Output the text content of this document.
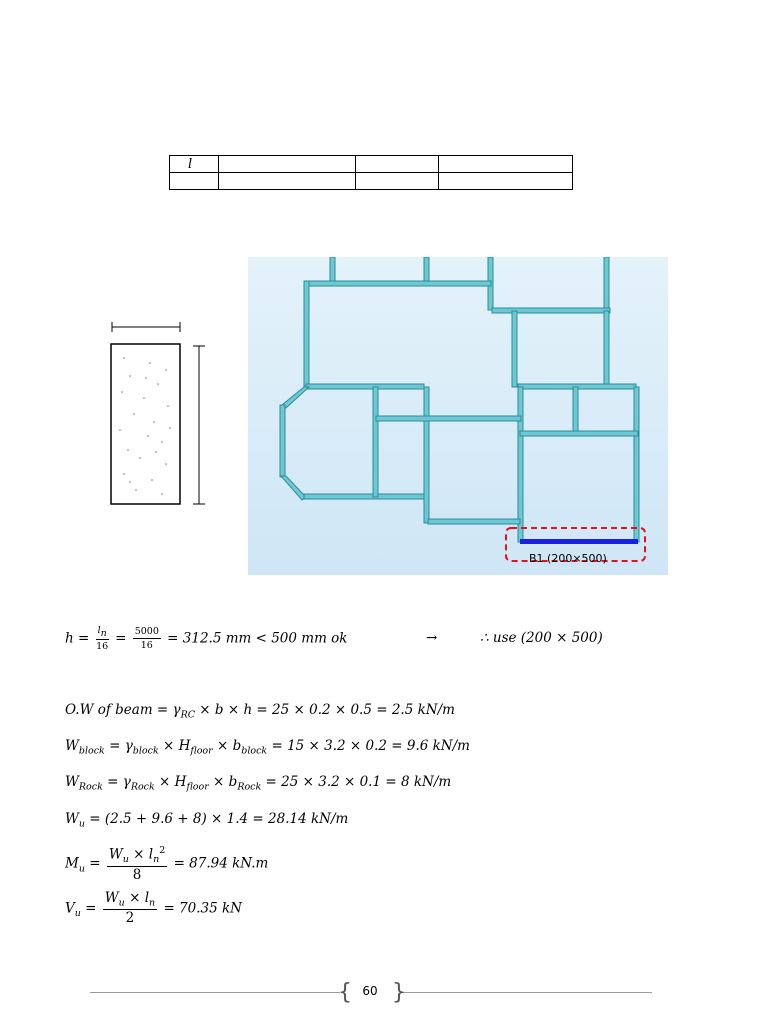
l			

B1 (200×500)
$h = \frac{l_n}{16} = \frac{5000}{16} = 312.5$ mm < 500 mm ok	→	∴ use (200 × 500)
O.W of beam = $\gamma_{RC} \times b \times h = 25 \times 0.2 \times 0.5 = 2.5$ kN/m
$W_{block} = \gamma_{block} \times H_{floor} \times b_{block} = 15 \times 3.2 \times 0.2 = 9.6$ kN/m
$W_{Rock} = \gamma_{Rock} \times H_{floor} \times b_{Rock} = 25 \times 3.2 \times 0.1 = 8$ kN/m
$W_u = (2.5 + 9.6 + 8) \times 1.4 = 28.14$ kN/m
$M_u = \frac{W_u \times l_n^2}{8} = 87.94$ kN.m
$V_u = \frac{W_u \times l_n}{2} = 70.35$ kN
{ }
60
